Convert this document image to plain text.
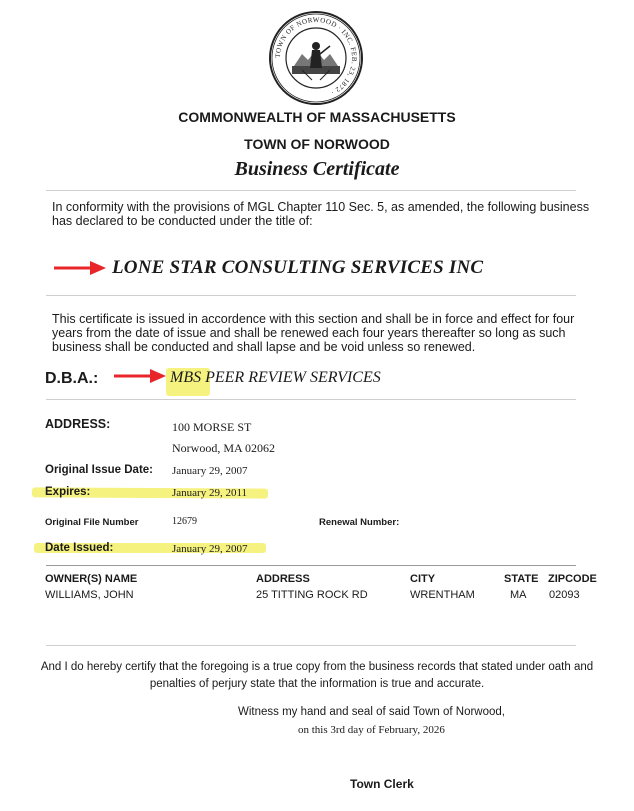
TOWN OF NORWOOD · INC. FEB. 23, 1872 ·
COMMONWEALTH OF MASSACHUSETTS
TOWN OF NORWOOD
Business Certificate
In conformity with the provisions of MGL Chapter 110 Sec. 5, as amended, the following business has declared to be conducted under the title of:
LONE STAR CONSULTING SERVICES INC
This certificate is issued in accordence with this section and shall be in force and effect for four years from the date of issue and shall be renewed each four years thereafter so long as such business shall be conducted and shall lapse and be void unless so renewed.
D.B.A.:	MBS PEER REVIEW SERVICES
ADDRESS:	100 MORSE ST
Norwood, MA 02062
Original Issue Date: January 29, 2007
Expires:	January 29, 2011
Original File Number	12679	Renewal Number:
Date Issued:	January 29, 2007
OWNER(S) NAME	ADDRESS	CITY	STATE ZIPCODE
WILLIAMS, JOHN	25 TITTING ROCK RD	WRENTHAM	MA 02093
And I do hereby certify that the foregoing is a true copy from the business records that stated under oath and penalties of perjury state that the information is true and accurate.
Witness my hand and seal of said Town of Norwood,
on this 3rd day of February, 2026
Town Clerk
